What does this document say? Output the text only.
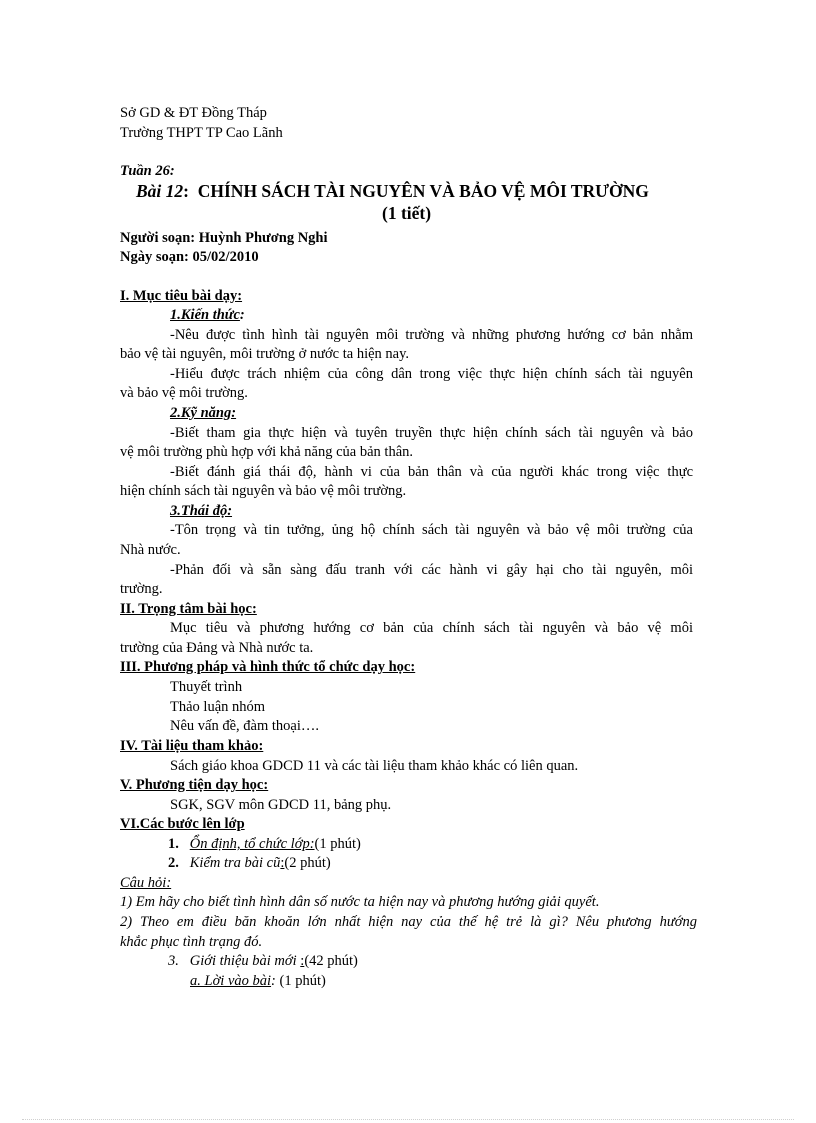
Sở GD & ĐT Đồng Tháp
Trường THPT TP Cao Lãnh
Tuần 26:
Bài 12: CHÍNH SÁCH TÀI NGUYÊN VÀ BẢO VỆ MÔI TRƯỜNG
(1 tiết)
Người soạn: Huỳnh Phương Nghi
Ngày soạn: 05/02/2010
I. Mục tiêu bài dạy:
1.Kiến thức:
-Nêu được tình hình tài nguyên môi trường và những phương hướng cơ bản nhằm
bảo vệ tài nguyên, môi trường ở nước ta hiện nay.
-Hiểu được trách nhiệm của công dân trong việc thực hiện chính sách tài nguyên
và bảo vệ môi trường.
2.Kỹ năng:
-Biết tham gia thực hiện và tuyên truyền thực hiện chính sách tài nguyên và bảo
vệ môi trường phù hợp với khả năng của bản thân.
-Biết đánh giá thái độ, hành vi của bản thân và của người khác trong việc thực
hiện chính sách tài nguyên và bảo vệ môi trường.
3.Thái độ:
-Tôn trọng và tin tưởng, ủng hộ chính sách tài nguyên và bảo vệ môi trường của
Nhà nước.
-Phản đối và sẵn sàng đấu tranh với các hành vi gây hại cho tài nguyên, môi
trường.
II. Trọng tâm bài học:
Mục tiêu và phương hướng cơ bản của chính sách tài nguyên và bảo vệ môi
trường của Đảng và Nhà nước ta.
III. Phương pháp và hình thức tổ chức dạy học:
Thuyết trình
Thảo luận nhóm
Nêu vấn đề, đàm thoại….
IV. Tài liệu tham khảo:
Sách giáo khoa GDCD 11 và các tài liệu tham khảo khác có liên quan.
V. Phương tiện dạy học:
SGK, SGV môn GDCD 11, bảng phụ.
VI.Các bước lên lớp
1. Ổn định, tổ chức lớp:(1 phút)
2. Kiểm tra bài cũ:(2 phút)
Câu hỏi:
1) Em hãy cho biết tình hình dân số nước ta hiện nay và phương hướng giải quyết.
2) Theo em điều băn khoăn lớn nhất hiện nay của thế hệ trẻ là gì? Nêu phương hướng
khắc phục tình trạng đó.
3. Giới thiệu bài mới :(42 phút)
a. Lời vào bài: (1 phút)
